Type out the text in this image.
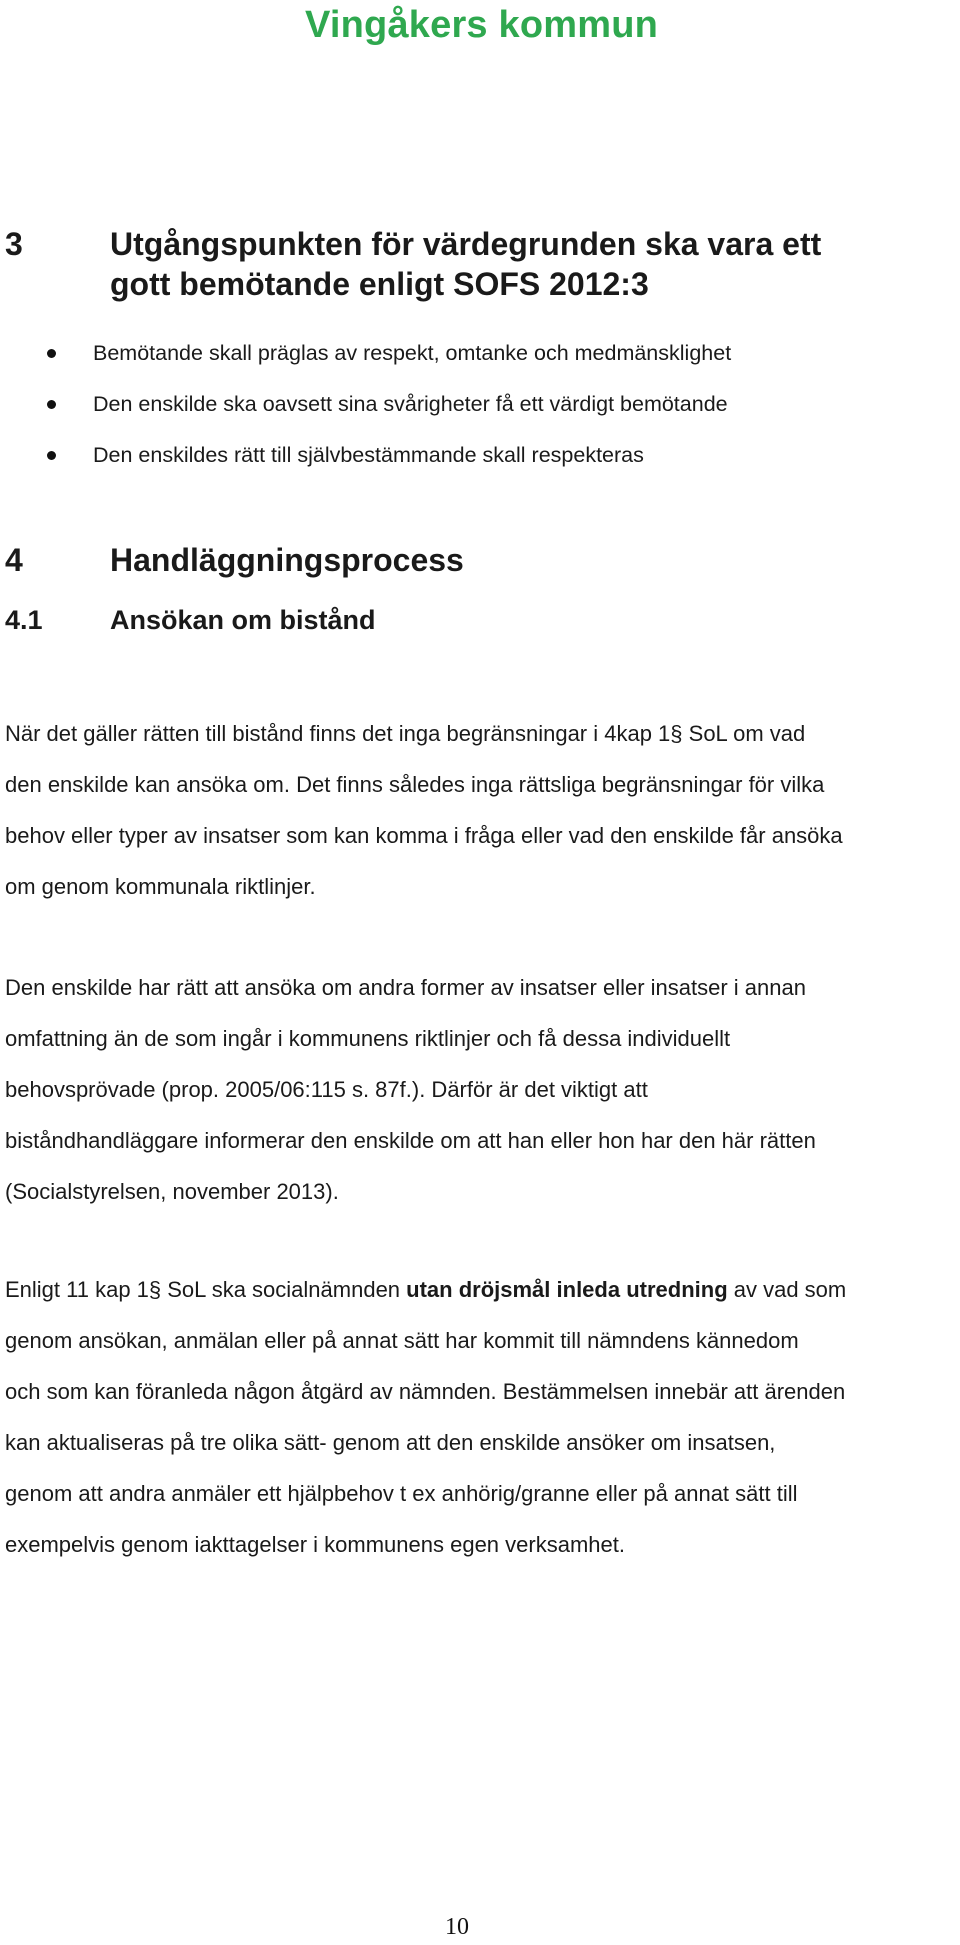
Vingåkers kommun
3	Utgångspunkten för värdegrunden ska vara ett
gott bemötande enligt SOFS 2012:3
Bemötande skall präglas av respekt, omtanke och medmänsklighet
Den enskilde ska oavsett sina svårigheter få ett värdigt bemötande
Den enskildes rätt till självbestämmande skall respekteras
4	Handläggningsprocess
4.1 Ansökan om bistånd

När det gäller rätten till bistånd finns det inga begränsningar i 4kap 1§ SoL om vad
den enskilde kan ansöka om. Det finns således inga rättsliga begränsningar för vilka
behov eller typer av insatser som kan komma i fråga eller vad den enskilde får ansöka
om genom kommunala riktlinjer.

Den enskilde har rätt att ansöka om andra former av insatser eller insatser i annan
omfattning än de som ingår i kommunens riktlinjer och få dessa individuellt
behovsprövade (prop. 2005/06:115 s. 87f.). Därför är det viktigt att
biståndhandläggare informerar den enskilde om att han eller hon har den här rätten
(Socialstyrelsen, november 2013).

Enligt 11 kap 1§ SoL ska socialnämnden utan dröjsmål inleda utredning av vad som
genom ansökan, anmälan eller på annat sätt har kommit till nämndens kännedom
och som kan föranleda någon åtgärd av nämnden. Bestämmelsen innebär att ärenden
kan aktualiseras på tre olika sätt- genom att den enskilde ansöker om insatsen,
genom att andra anmäler ett hjälpbehov t ex anhörig/granne eller på annat sätt till
exempelvis genom iakttagelser i kommunens egen verksamhet.

10
